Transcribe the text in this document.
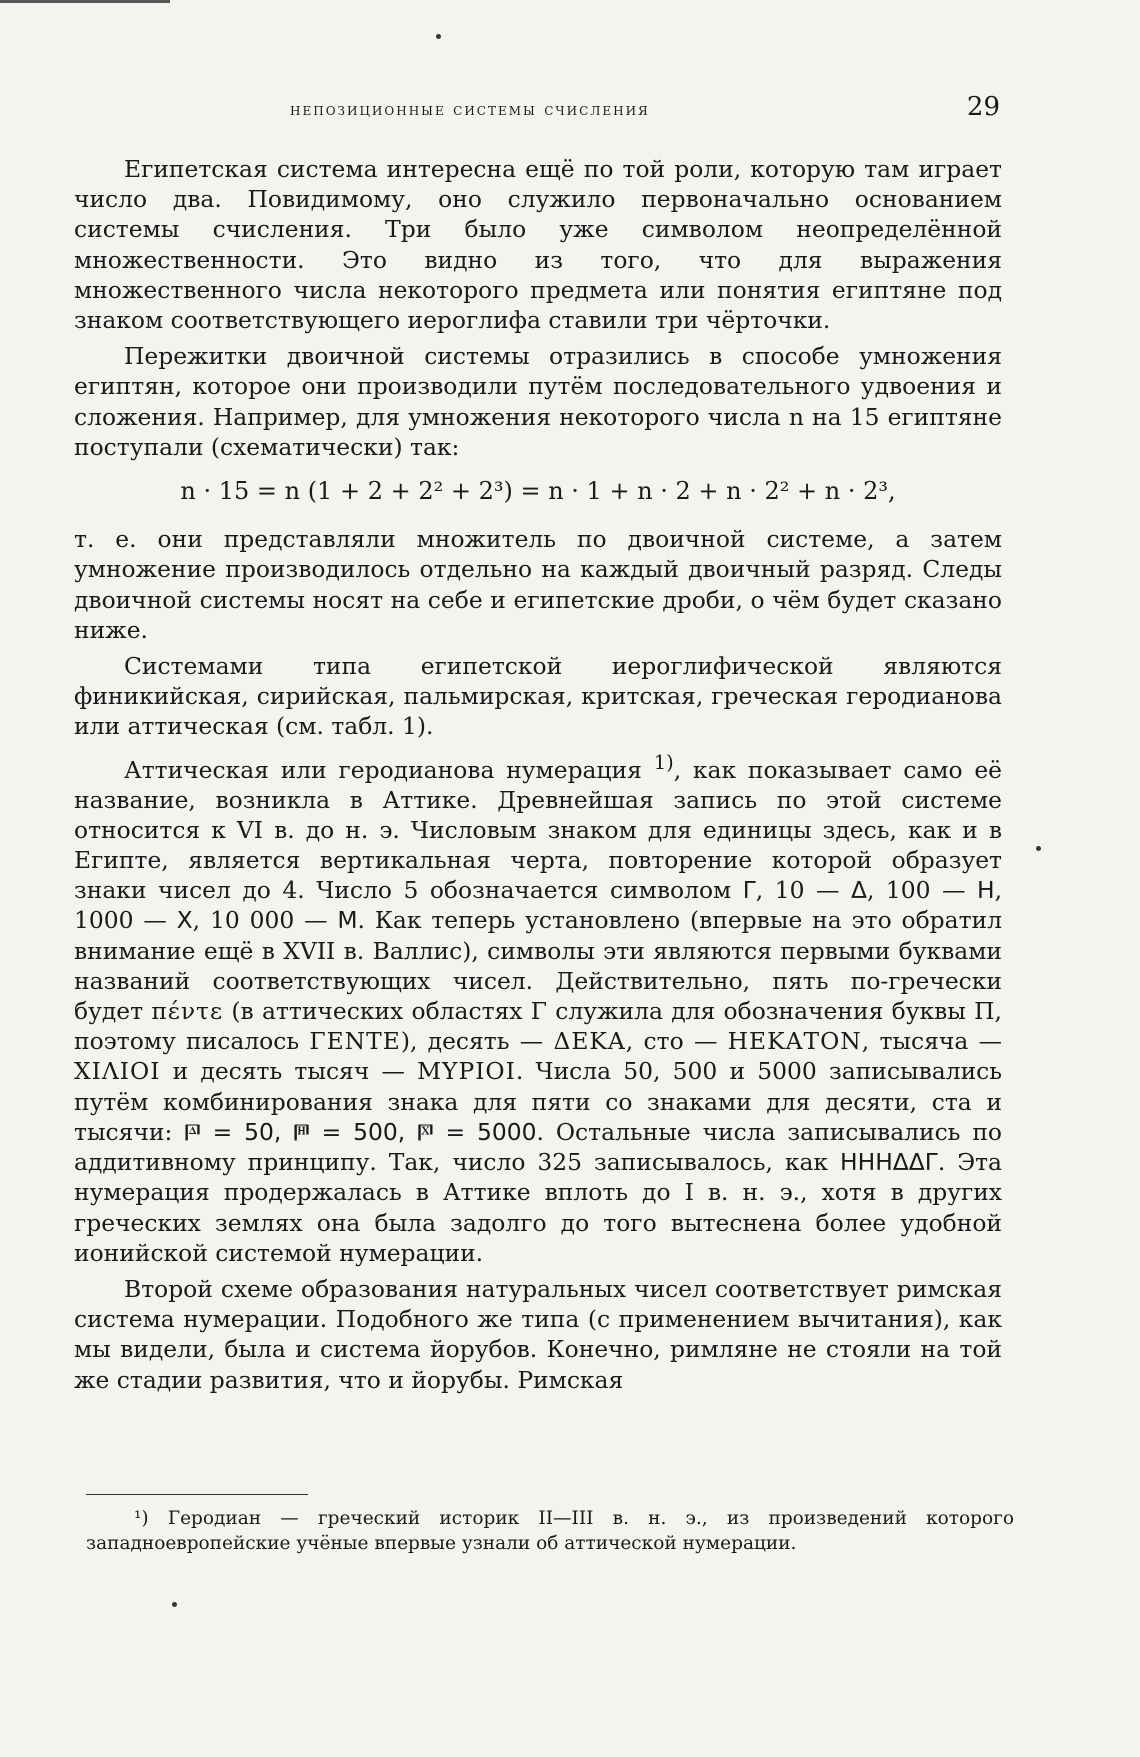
непозиционные системы счисления	29

Египетская система интересна ещё по той роли, которую там играет число два. Повидимому, оно служило первоначально основанием системы счисления. Три было уже символом неопределённой множественности. Это видно из того, что для выражения множественного числа некоторого предмета или понятия египтяне под знаком соответствующего иероглифа ставили три чёрточки.

Пережитки двоичной системы отразились в способе умножения египтян, которое они производили путём последовательного удвоения и сложения. Например, для умножения некоторого числа n на 15 египтяне поступали (схематически) так:

n · 15 = n (1 + 2 + 2² + 2³) = n · 1 + n · 2 + n · 2² + n · 2³,

т. е. они представляли множитель по двоичной системе, а затем умножение производилось отдельно на каждый двоичный разряд. Следы двоичной системы носят на себе и египетские дроби, о чём будет сказано ниже.

Системами типа египетской иероглифической являются финикийская, сирийская, пальмирская, критская, греческая геродианова или аттическая (см. табл. 1).

Аттическая или геродианова нумерация $^{1)}$, как показывает само её название, возникла в Аттике. Древнейшая запись по этой системе относится к VI в. до н. э. Числовым знаком для единицы здесь, как и в Египте, является вертикальная черта, повторение которой образует знаки чисел до 4. Число 5 обозначается символом Γ, 10 — Δ, 100 — Η, 1000 — Χ, 10 000 — Μ. Как теперь установлено (впервые на это обратил внимание ещё в XVII в. Валлис), символы эти являются первыми буквами названий соответствующих чисел. Действительно, пять по-гречески будет πέντε (в аттических областях Γ служила для обозначения буквы Π, поэтому писалось ΓΕΝΤΕ), десять — ΔΕΚΑ, сто — ΗΕΚΑΤΟΝ, тысяча — ΧΙΛΙΟΙ и десять тысяч — ΜΥΡΙΟΙ. Числа 50, 500 и 5000 записывались путём комбинирования знака для пяти со знаками для десяти, ста и тысячи: 𐅄 = 50, 𐅅 = 500, 𐅆 = 5000. Остальные числа записывались по аддитивному принципу. Так, число 325 записывалось, как ΗΗΗΔΔΓ. Эта нумерация продержалась в Аттике вплоть до I в. н. э., хотя в других греческих землях она была задолго до того вытеснена более удобной ионийской системой нумерации.

Второй схеме образования натуральных чисел соответствует римская система нумерации. Подобного же типа (с применением вычитания), как мы видели, была и система йорубов. Конечно, римляне не стояли на той же стадии развития, что и йорубы. Римская

¹) Геродиан — греческий историк II—III в. н. э., из произведений которого западноевропейские учёные впервые узнали об аттической нумерации.
